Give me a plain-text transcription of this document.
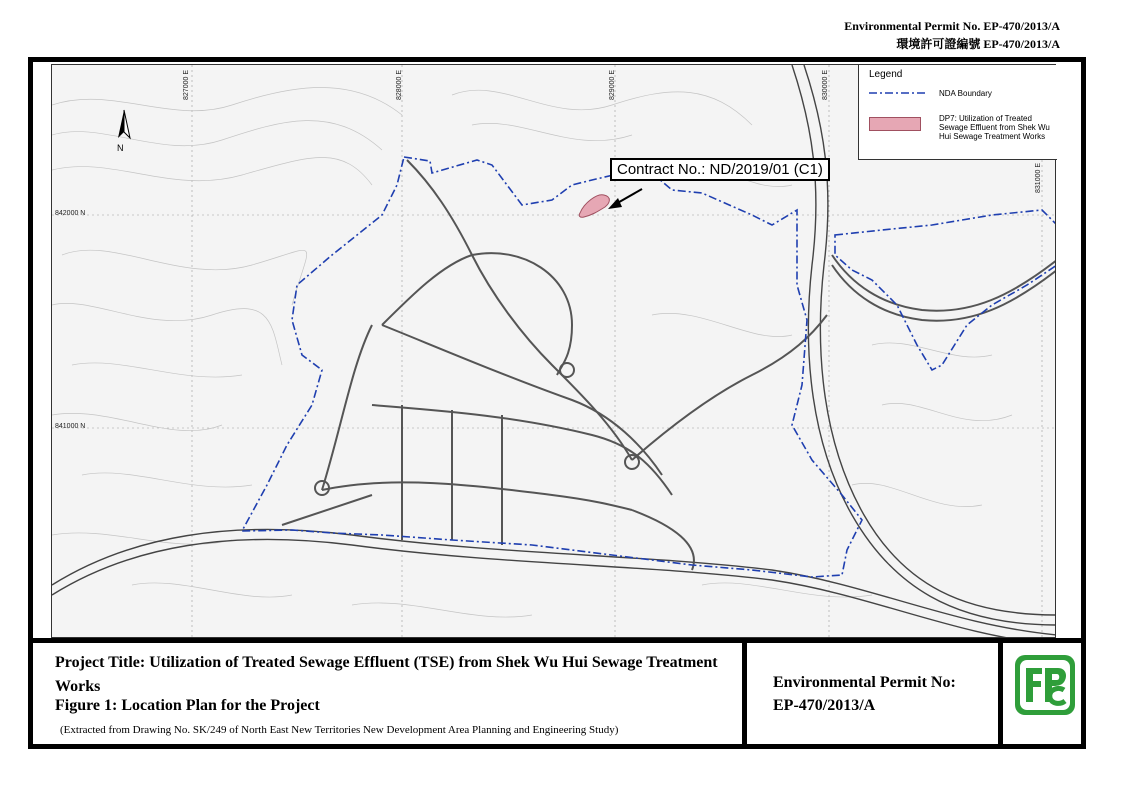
Environmental Permit No. EP-470/2013/A
環境許可證編號 EP-470/2013/A
N
827000 E	828000 E	829000 E	830000 E
831000 E
842000 N
841000 N
Legend
NDA Boundary
DP7: Utilization of Treated Sewage Effluent from Shek Wu Hui Sewage Treatment Works
Contract No.: ND/2019/01 (C1)
Project Title: Utilization of Treated Sewage Effluent (TSE) from Shek Wu Hui Sewage Treatment Works
Figure 1: Location Plan for the Project
(Extracted from Drawing No. SK/249 of North East New Territories New Development Area Planning and Engineering Study)
Environmental Permit No:
EP-470/2013/A
